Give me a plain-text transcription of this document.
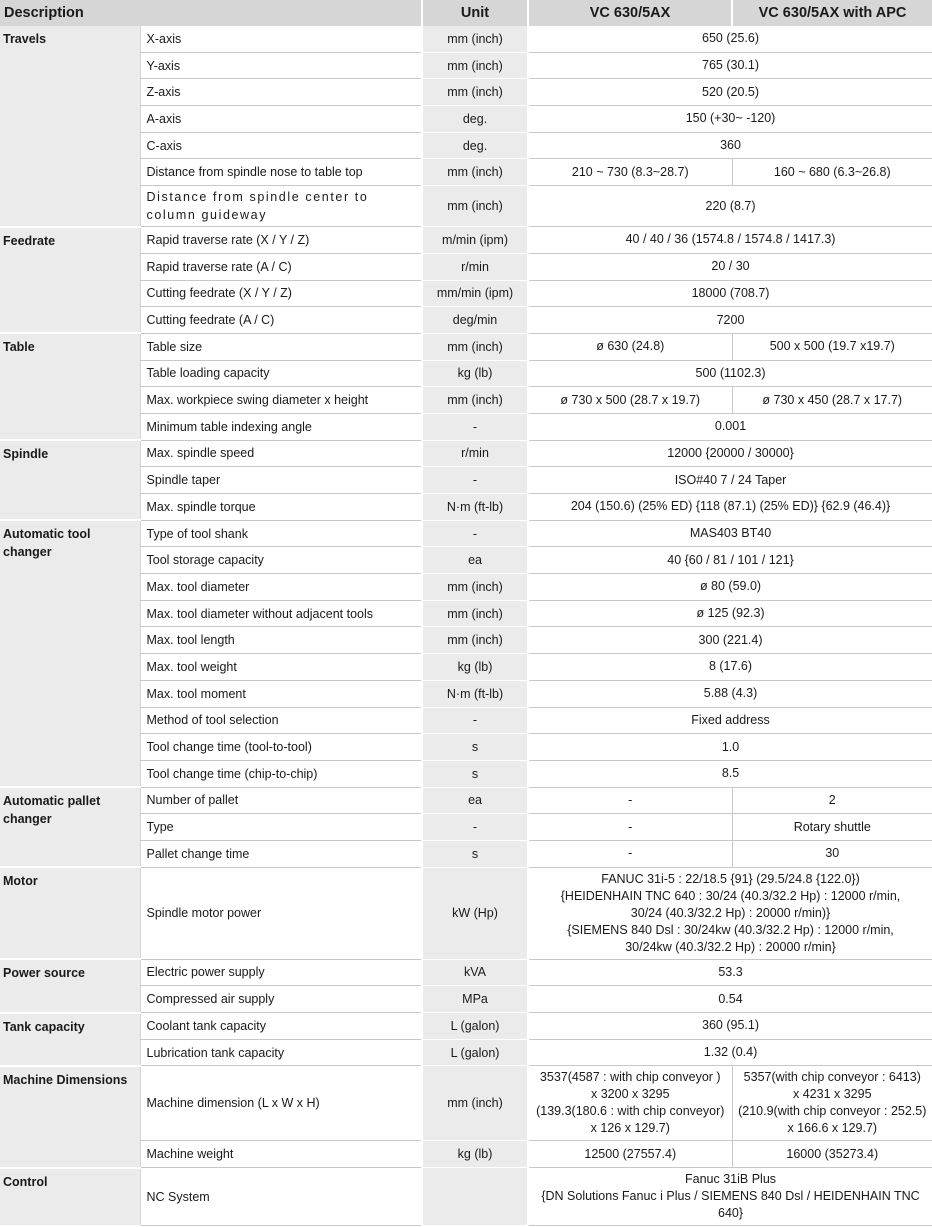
Description		Unit	VC 630/5AX	VC 630/5AX with APC
Travels	X-axis	mm (inch)	650 (25.6)	
	Y-axis	mm (inch)	765 (30.1)	
	Z-axis	mm (inch)	520 (20.5)	
	A-axis	deg.	150 (+30~ -120)	
	C-axis	deg.	360	
	Distance from spindle nose to table top	mm (inch)	210 ~ 730 (8.3~28.7)	160 ~ 680 (6.3~26.8)
	Distance from spindle center to column guideway	mm (inch)	220 (8.7)	
Feedrate	Rapid traverse rate (X / Y / Z)	m/min (ipm)	40 / 40 / 36 (1574.8 / 1574.8 / 1417.3)	
	Rapid traverse rate (A / C)	r/min	20 / 30	
	Cutting feedrate (X / Y / Z)	mm/min (ipm)	18000 (708.7)	
	Cutting feedrate (A / C)	deg/min	7200	
Table	Table size	mm (inch)	ø 630 (24.8)	500 x 500 (19.7 x19.7)
	Table loading capacity	kg (lb)	500 (1102.3)	
	Max. workpiece swing diameter x height	mm (inch)	ø 730 x 500 (28.7 x 19.7)	ø 730 x 450 (28.7 x 17.7)
	Minimum table indexing angle	-	0.001	
Spindle	Max. spindle speed	r/min	12000 {20000 / 30000}	
	Spindle taper	-	ISO#40 7 / 24 Taper	
	Max. spindle torque	N·m (ft-lb)	204 (150.6) (25% ED) {118 (87.1) (25% ED)} {62.9 (46.4)}	

Automatic tool changer	Type of tool shank	-	MAS403 BT40	
	Tool storage capacity	ea	40 {60 / 81 / 101 / 121}	
	Max. tool diameter	mm (inch)	ø 80 (59.0)	
	Max. tool diameter without adjacent tools	mm (inch)	ø 125 (92.3)	
	Max. tool length	mm (inch)	300 (221.4)	
	Max. tool weight	kg (lb)	8 (17.6)	
	Max. tool moment	N·m (ft-lb)	5.88 (4.3)	
	Method of tool selection	-	Fixed address	
	Tool change time (tool-to-tool)	s	1.0	
	Tool change time (chip-to-chip)	s	8.5	

Automatic pallet changer	Number of pallet	ea	-	2
	Type	-	-	Rotary shuttle
	Pallet change time	s	-	30
Motor	Spindle motor power	kW (Hp)	FANUC 31i-5 : 22/18.5 {91} (29.5/24.8 {122.0})
{HEIDENHAIN TNC 640 : 30/24 (40.3/32.2 Hp) : 12000 r/min,
30/24 (40.3/32.2 Hp) : 20000 r/min)}
{SIEMENS 840 Dsl : 30/24kw (40.3/32.2 Hp) : 12000 r/min,
30/24kw (40.3/32.2 Hp) : 20000 r/min}	

Power source	Electric power supply	kVA	53.3	
	Compressed air supply	MPa	0.54	

Tank capacity	Coolant tank capacity	L (galon)	360 (95.1)	
	Lubrication tank capacity	L (galon)	1.32 (0.4)	
Machine Dimensions	Machine dimension (L x W x H)	mm (inch)	3537(4587 : with chip conveyor )
x 3200 x 3295
(139.3(180.6 : with chip conveyor)
x 126 x 129.7)	5357(with chip conveyor : 6413)
x 4231 x 3295
(210.9(with chip conveyor : 252.5)
x 166.6 x 129.7)

	Machine weight	kg (lb)	12500 (27557.4)	16000 (35273.4)
Control	NC System		Fanuc 31iB Plus
{DN Solutions Fanuc i Plus / SIEMENS 840 Dsl / HEIDENHAIN TNC 640}	
